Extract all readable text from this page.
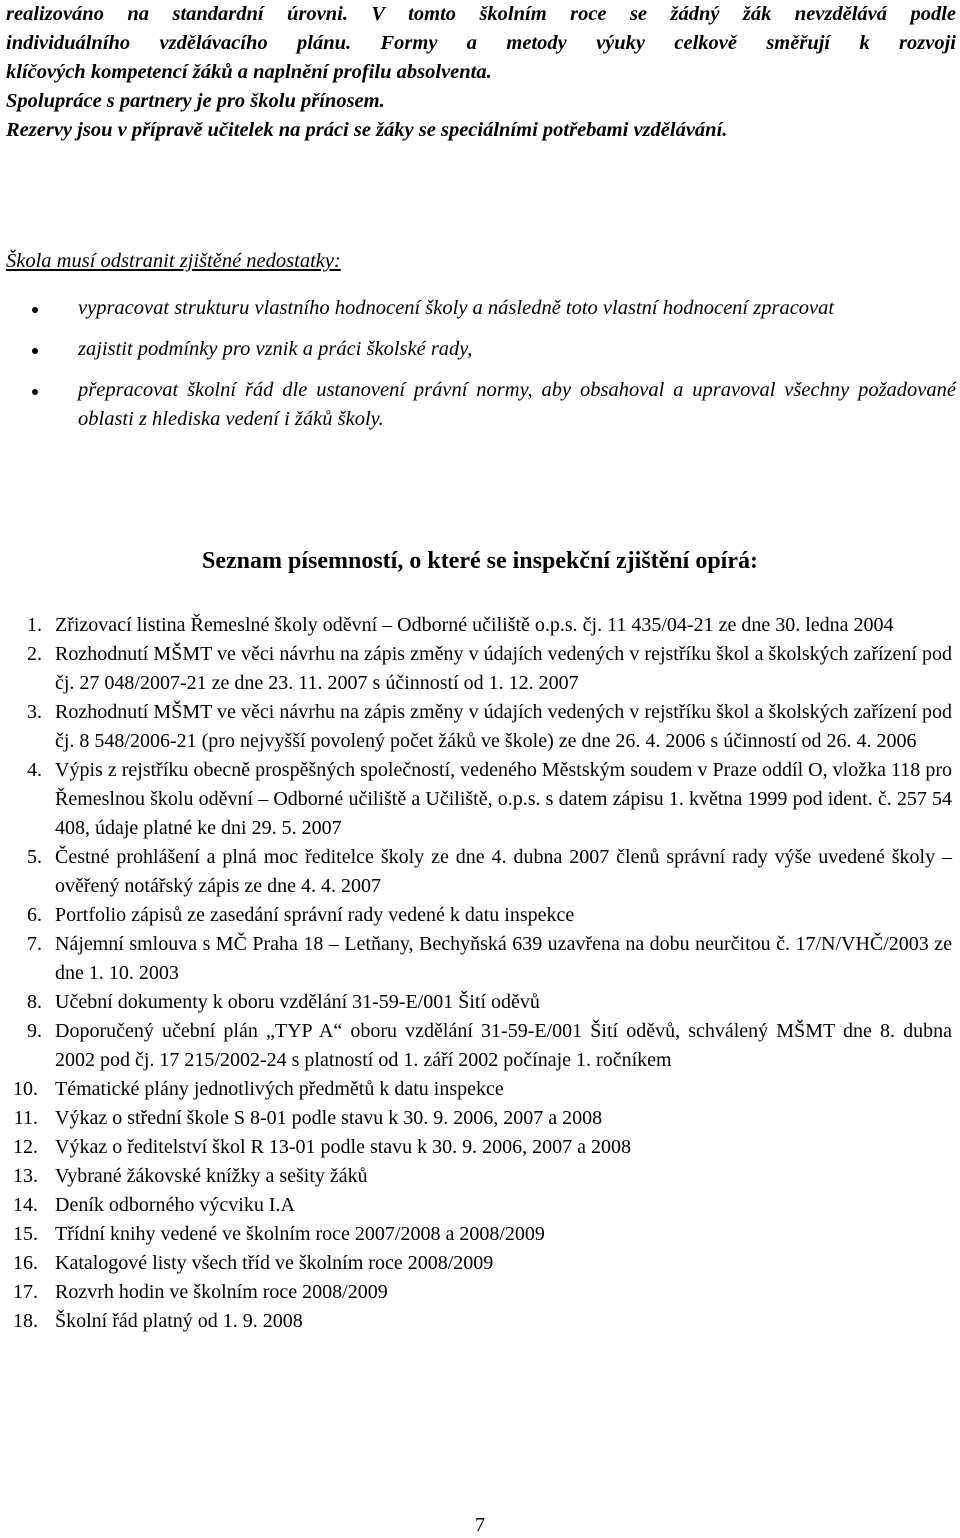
realizováno na standardní úrovni. V tomto školním roce se žádný žák nevzdělává podle

individuálního vzdělávacího plánu. Formy a metody výuky celkově směřují k rozvoji

klíčových kompetencí žáků a naplnění profilu absolventa.

Spolupráce s partnery je pro školu přínosem.

Rezervy jsou v přípravě učitelek na práci se žáky se speciálními potřebami vzdělávání.

Škola musí odstranit zjištěné nedostatky:

vypracovat strukturu vlastního hodnocení školy a následně toto vlastní hodnocení zpracovat
zajistit podmínky pro vznik a práci školské rady,
přepracovat školní řád dle ustanovení právní normy, aby obsahoval a upravoval všechny požadované oblasti z hlediska vedení i žáků školy.
Seznam písemností, o které se inspekční zjištění opírá:
1. Zřizovací listina Řemeslné školy oděvní – Odborné učiliště o.p.s. čj. 11 435/04-21 ze dne 30. ledna 2004
2. Rozhodnutí MŠMT ve věci návrhu na zápis změny v údajích vedených v rejstříku škol a školských zařízení pod čj. 27 048/2007-21 ze dne 23. 11. 2007 s účinností od 1. 12. 2007
3. Rozhodnutí MŠMT ve věci návrhu na zápis změny v údajích vedených v rejstříku škol a školských zařízení pod čj. 8 548/2006-21 (pro nejvyšší povolený počet žáků ve škole) ze dne 26. 4. 2006 s účinností od 26. 4. 2006
4. Výpis z rejstříku obecně prospěšných společností, vedeného Městským soudem v Praze oddíl O, vložka 118 pro Řemeslnou školu oděvní – Odborné učiliště a Učiliště, o.p.s. s datem zápisu 1. května 1999 pod ident. č. 257 54 408, údaje platné ke dni 29. 5. 2007
5. Čestné prohlášení a plná moc ředitelce školy ze dne 4. dubna 2007 členů správní rady výše uvedené školy – ověřený notářský zápis ze dne 4. 4. 2007
6. Portfolio zápisů ze zasedání správní rady vedené k datu inspekce
7. Nájemní smlouva s MČ Praha 18 – Letňany, Bechyňská 639 uzavřena na dobu neurčitou č. 17/N/VHČ/2003 ze dne 1. 10. 2003
8. Učební dokumenty k oboru vzdělání 31-59-E/001 Šití oděvů
9. Doporučený učební plán „TYP A“ oboru vzdělání 31-59-E/001 Šití oděvů, schválený MŠMT dne 8. dubna 2002 pod čj. 17 215/2002-24 s platností od 1. září 2002 počínaje 1. ročníkem
10. Tématické plány jednotlivých předmětů k datu inspekce
11. Výkaz o střední škole S 8-01 podle stavu k 30. 9. 2006, 2007 a 2008
12. Výkaz o ředitelství škol R 13-01 podle stavu k 30. 9. 2006, 2007 a 2008
13. Vybrané žákovské knížky a sešity žáků
14. Deník odborného výcviku I.A
15. Třídní knihy vedené ve školním roce 2007/2008 a 2008/2009
16. Katalogové listy všech tříd ve školním roce 2008/2009
17. Rozvrh hodin ve školním roce 2008/2009
18. Školní řád platný od 1. 9. 2008
7
